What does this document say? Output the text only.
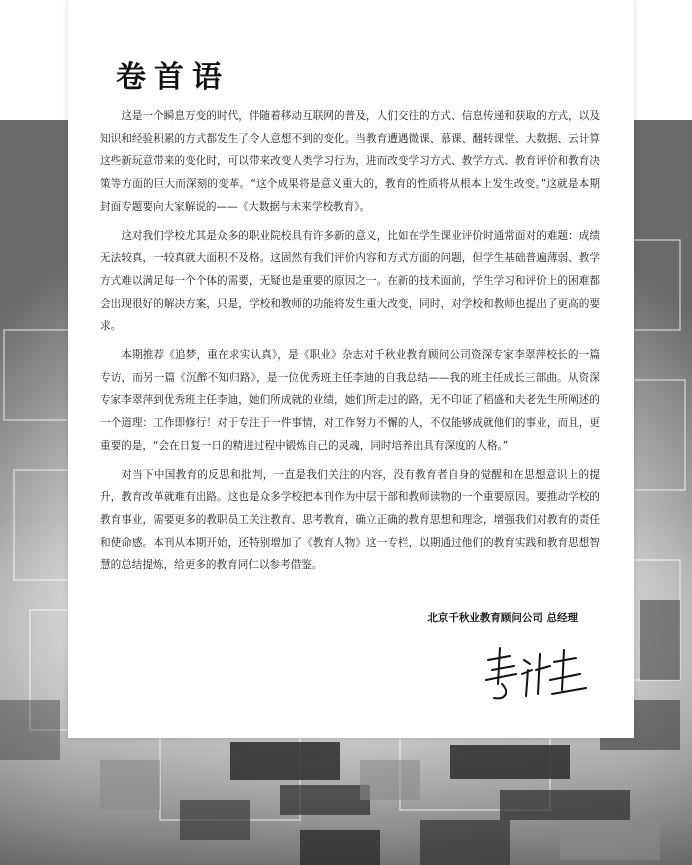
卷首语

这是一个瞬息万变的时代，伴随着移动互联网的普及，人们交往的方式、信息传递和获取的方式，以及知识和经验积累的方式都发生了令人意想不到的变化。当教育遭遇微课、慕课、翻转课堂、大数据、云计算这些新玩意带来的变化时，可以带来改变人类学习行为，进而改变学习方式、教学方式、教育评价和教育决策等方面的巨大而深刻的变革。“这个成果将是意义重大的，教育的性质将从根本上发生改变。”这就是本期封面专题要向大家解说的——《大数据与未来学校教育》。

这对我们学校尤其是众多的职业院校具有许多新的意义，比如在学生课业评价时通常面对的难题：成绩无法较真，一较真就大面积不及格。这固然有我们评价内容和方式方面的问题，但学生基础普遍薄弱、教学方式难以满足每一个个体的需要，无疑也是重要的原因之一。在新的技术面前，学生学习和评价上的困难都会出现很好的解决方案，只是，学校和教师的功能将发生重大改变，同时，对学校和教师也提出了更高的要求。

本期推荐《追梦，重在求实认真》，是《职业》杂志对千秋业教育顾问公司资深专家李翠萍校长的一篇专访，而另一篇《沉醉不知归路》，是一位优秀班主任李迪的自我总结——我的班主任成长三部曲。从资深专家李翠萍到优秀班主任李迪，她们所成就的业绩，她们所走过的路，无不印证了稻盛和夫老先生所阐述的一个道理：工作即修行！对于专注于一件事情，对工作努力不懈的人，不仅能够成就他们的事业，而且，更重要的是，“会在日复一日的精进过程中锻炼自己的灵魂，同时培养出具有深度的人格。”

对当下中国教育的反思和批判，一直是我们关注的内容，没有教育者自身的觉醒和在思想意识上的提升，教育改革就难有出路。这也是众多学校把本刊作为中层干部和教师读物的一个重要原因。要推动学校的教育事业，需要更多的教职员工关注教育、思考教育，确立正确的教育思想和理念，增强我们对教育的责任和使命感。本刊从本期开始，还特别增加了《教育人物》这一专栏，以期通过他们的教育实践和教育思想智慧的总结提炼，给更多的教育同仁以参考借鉴。

北京千秋业教育顾问公司 总经理
